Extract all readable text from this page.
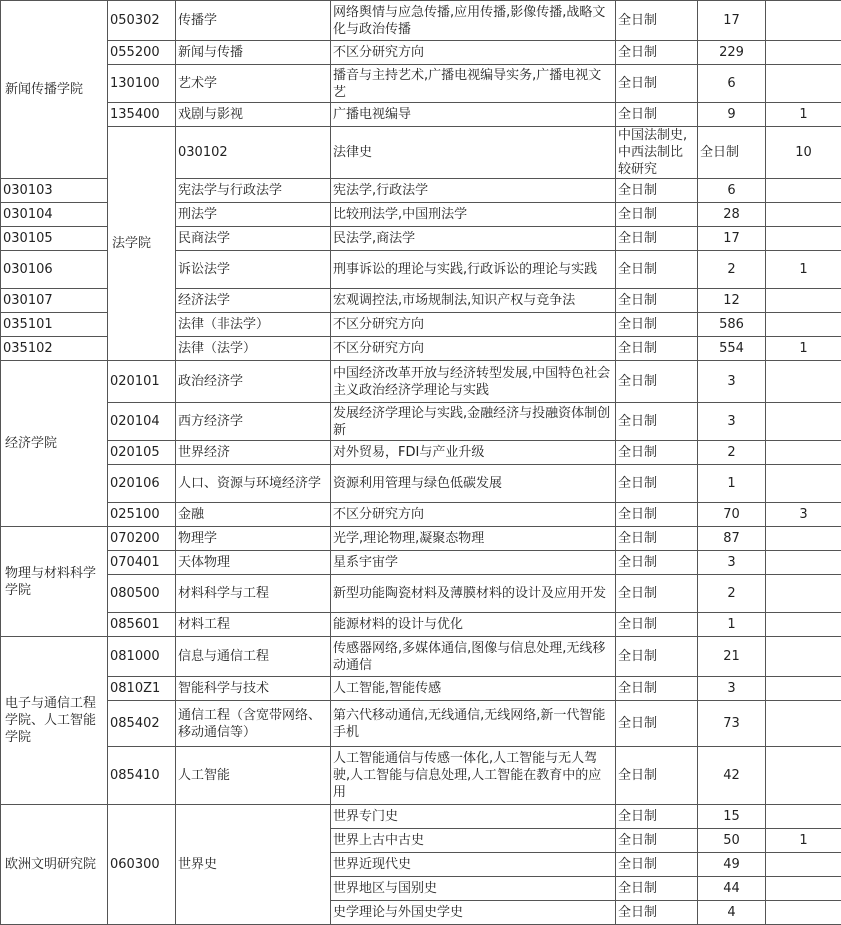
新闻传播学院	050302	传播学	网络舆情与应急传播,应用传播,影像传播,战略文化与政治传播	全日制	17		
	055200	新闻与传播	不区分研究方向	全日制	229		
	130100	艺术学	播音与主持艺术,广播电视编导实务,广播电视文艺	全日制	6		
	135400	戏剧与影视	广播电视编导	全日制	9	1	
	法学院	030102	法律史	中国法制史,中西法制比较研究	全日制	10	
030103		宪法学与行政法学	宪法学,行政法学	全日制	6		
030104		刑法学	比较刑法学,中国刑法学	全日制	28		
030105		民商法学	民法学,商法学	全日制	17		
030106		诉讼法学	刑事诉讼的理论与实践,行政诉讼的理论与实践	全日制	2	1	
030107		经济法学	宏观调控法,市场规制法,知识产权与竞争法	全日制	12		
035101		法律（非法学）	不区分研究方向	全日制	586		
035102		法律（法学）	不区分研究方向	全日制	554	1	
经济学院	020101	政治经济学	中国经济改革开放与经济转型发展,中国特色社会主义政治经济学理论与实践	全日制	3		
	020104	西方经济学	发展经济学理论与实践,金融经济与投融资体制创新	全日制	3		
	020105	世界经济	对外贸易，FDI与产业升级	全日制	2		
	020106	人口、资源与环境经济学	资源利用管理与绿色低碳发展	全日制	1		
	025100	金融	不区分研究方向	全日制	70	3	
物理与材料科学学院	070200	物理学	光学,理论物理,凝聚态物理	全日制	87		
	070401	天体物理	星系宇宙学	全日制	3		
	080500	材料科学与工程	新型功能陶瓷材料及薄膜材料的设计及应用开发	全日制	2		
	085601	材料工程	能源材料的设计与优化	全日制	1		
电子与通信工程学院、人工智能学院	081000	信息与通信工程	传感器网络,多媒体通信,图像与信息处理,无线移动通信	全日制	21		
	0810Z1	智能科学与技术	人工智能,智能传感	全日制	3		
	085402	通信工程（含宽带网络、移动通信等）	第六代移动通信,无线通信,无线网络,新一代智能手机	全日制	73		
	085410	人工智能	人工智能通信与传感一体化,人工智能与无人驾驶,人工智能与信息处理,人工智能在教育中的应用	全日制	42		
欧洲文明研究院	060300	世界史	世界专门史	全日制	15		
			世界上古中古史	全日制	50	1	
			世界近现代史	全日制	49		
			世界地区与国别史	全日制	44		
			史学理论与外国史学史	全日制	4		
